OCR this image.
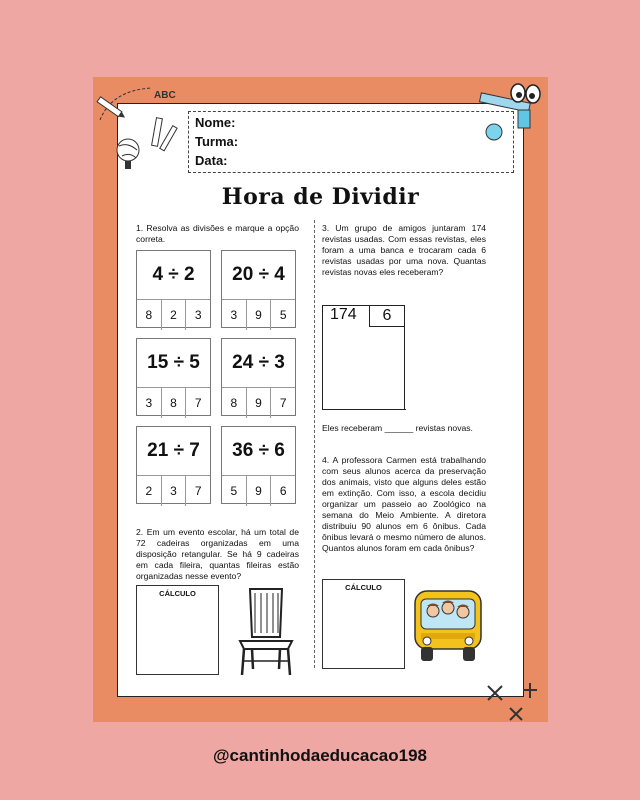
ABC
Nome:
Turma:
Data:
Hora de Dividir
1. Resolva as divisões e marque a opção correta.
4 ÷ 2
8	2	3
20 ÷ 4
3	9	5
15 ÷ 5
3	8	7
24 ÷ 3
8	9	7
21 ÷ 7
2	3	7
36 ÷ 6
5	9	6
2. Em um evento escolar, há um total de 72 cadeiras organizadas em uma disposição retangular. Se há 9 cadeiras em cada fileira, quantas fileiras estão organizadas nesse evento?
CÁLCULO
3. Um grupo de amigos juntaram 174 revistas usadas. Com essas revistas, eles foram a uma banca e trocaram cada 6 revistas usadas por uma nova. Quantas revistas novas eles receberam?
174	6
Eles receberam ______ revistas novas.
4. A professora Carmen está trabalhando com seus alunos acerca da preservação dos animais, visto que alguns deles estão em extinção. Com isso, a escola decidiu organizar um passeio ao Zoológico na semana do Meio Ambiente. A diretora distribuiu 90 alunos em 6 ônibus. Cada ônibus levará o mesmo número de alunos. Quantos alunos foram em cada ônibus?
CÁLCULO
@cantinhodaeducacao198
